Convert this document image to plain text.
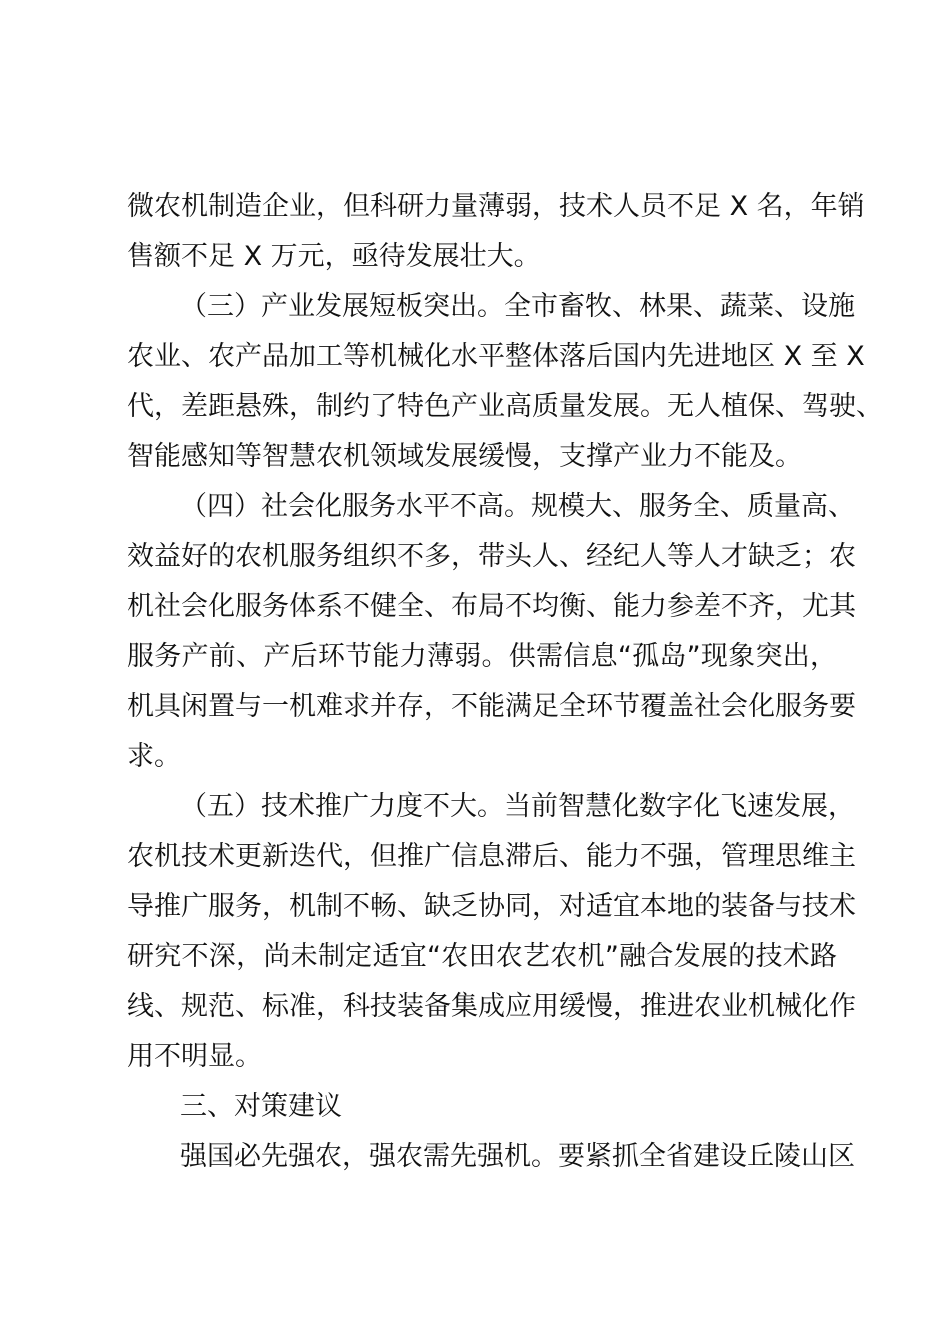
微农机制造企业，但科研力量薄弱，技术人员不足 X 名，年销
售额不足 X 万元，亟待发展壮大。
（三）产业发展短板突出。全市畜牧、林果、蔬菜、设施
农业、农产品加工等机械化水平整体落后国内先进地区 X 至 X
代，差距悬殊，制约了特色产业高质量发展。无人植保、驾驶、
智能感知等智慧农机领域发展缓慢，支撑产业力不能及。
（四）社会化服务水平不高。规模大、服务全、质量高、
效益好的农机服务组织不多，带头人、经纪人等人才缺乏；农
机社会化服务体系不健全、布局不均衡、能力参差不齐，尤其
服务产前、产后环节能力薄弱。供需信息“孤岛”现象突出，
机具闲置与一机难求并存，不能满足全环节覆盖社会化服务要
求。
（五）技术推广力度不大。当前智慧化数字化飞速发展，
农机技术更新迭代，但推广信息滞后、能力不强，管理思维主
导推广服务，机制不畅、缺乏协同，对适宜本地的装备与技术
研究不深，尚未制定适宜“农田农艺农机”融合发展的技术路
线、规范、标准，科技装备集成应用缓慢，推进农业机械化作
用不明显。
三、对策建议
强国必先强农，强农需先强机。要紧抓全省建设丘陵山区
